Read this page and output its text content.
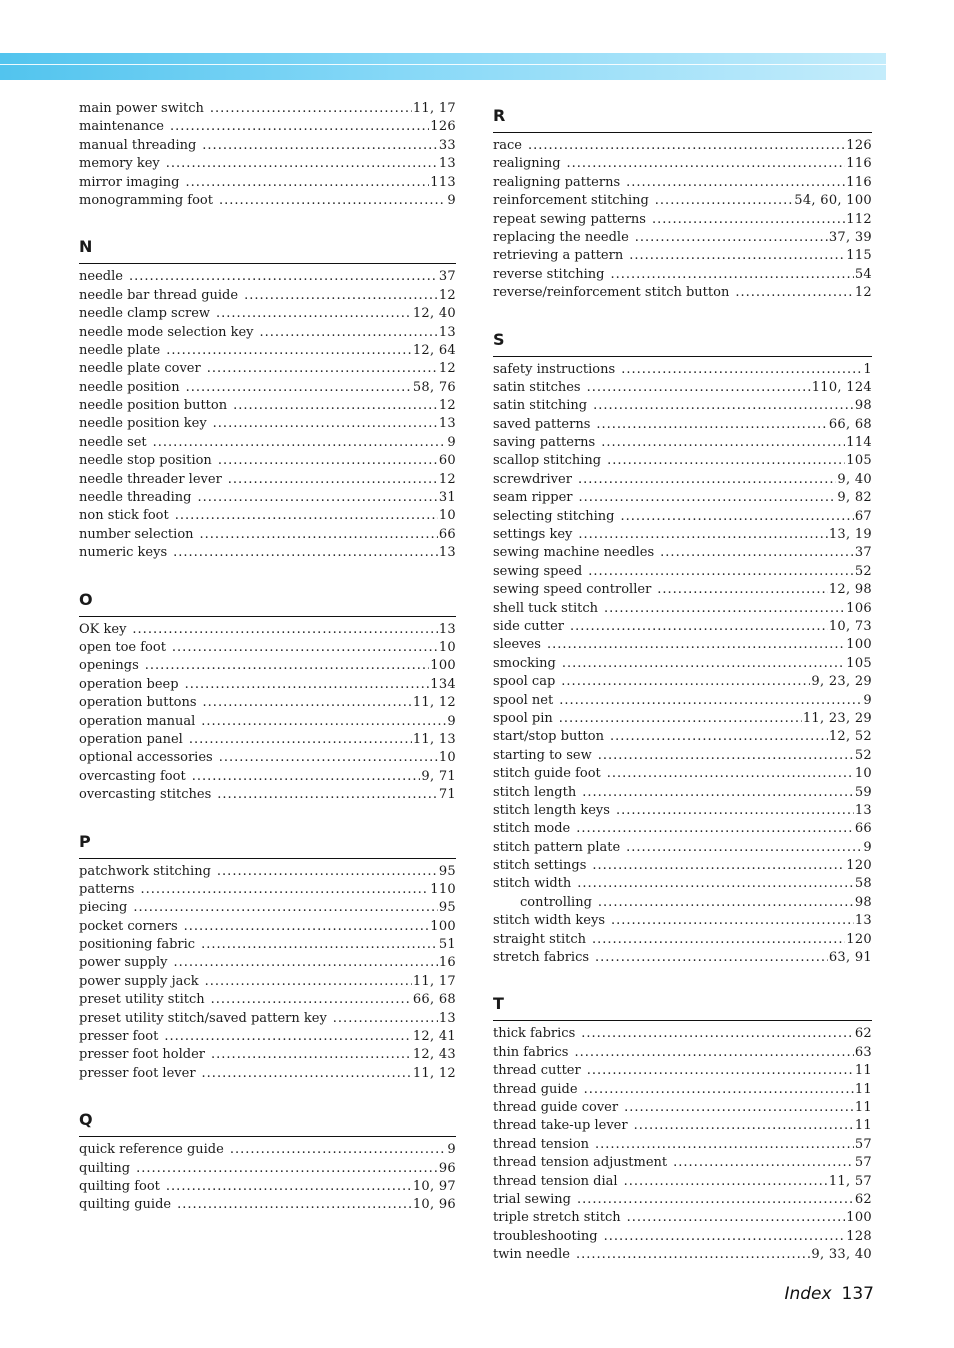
main power switch .....	11, 17
maintenance .....	126
manual threading .....	33
memory key .....	13
mirror imaging .....	113
monogramming foot .....	9
N
needle .....	37
needle bar thread guide .....	12
needle clamp screw .....	12, 40
needle mode selection key .....	13
needle plate .....	12, 64
needle plate cover .....	12
needle position .....	58, 76
needle position button .....	12
needle position key .....	13
needle set .....	9
needle stop position .....	60
needle threader lever .....	12
needle threading .....	31
non stick foot .....	10
number selection .....	66
numeric keys .....	13
O
OK key .....	13
open toe foot .....	10
openings .....	100
operation beep .....	134
operation buttons .....	11, 12
operation manual .....	9
operation panel .....	11, 13
optional accessories .....	10
overcasting foot .....	9, 71
overcasting stitches .....	71
P
patchwork stitching .....	95
patterns .....	110
piecing .....	95
pocket corners .....	100
positioning fabric .....	51
power supply .....	16
power supply jack .....	11, 17
preset utility stitch .....	66, 68
preset utility stitch/saved pattern key .....	13
presser foot .....	12, 41
presser foot holder .....	12, 43
presser foot lever .....	11, 12
Q
quick reference guide .....	9
quilting .....	96
quilting foot .....	10, 97
quilting guide .....	10, 96
R
race .....	126
realigning .....	116
realigning patterns .....	116
reinforcement stitching .....	54, 60, 100
repeat sewing patterns .....	112
replacing the needle .....	37, 39
retrieving a pattern .....	115
reverse stitching .....	54
reverse/reinforcement stitch button .....	12
S
safety instructions .....	1
satin stitches .....	110, 124
satin stitching .....	98
saved patterns .....	66, 68
saving patterns .....	114
scallop stitching .....	105
screwdriver .....	9, 40
seam ripper .....	9, 82
selecting stitching .....	67
settings key .....	13, 19
sewing machine needles .....	37
sewing speed .....	52
sewing speed controller .....	12, 98
shell tuck stitch .....	106
side cutter .....	10, 73
sleeves .....	100
smocking .....	105
spool cap .....	9, 23, 29
spool net .....	9
spool pin .....	11, 23, 29
start/stop button .....	12, 52
starting to sew .....	52
stitch guide foot .....	10
stitch length .....	59
stitch length keys .....	13
stitch mode .....	66
stitch pattern plate .....	9
stitch settings .....	120
stitch width .....	58
controlling .....	98
stitch width keys .....	13
straight stitch .....	120
stretch fabrics .....	63, 91
T
thick fabrics .....	62
thin fabrics .....	63
thread cutter .....	11
thread guide .....	11
thread guide cover .....	11
thread take-up lever .....	11
thread tension .....	57
thread tension adjustment .....	57
thread tension dial .....	11, 57
trial sewing .....	62
triple stretch stitch .....	100
troubleshooting .....	128
twin needle .....	9, 33, 40
Index 137
